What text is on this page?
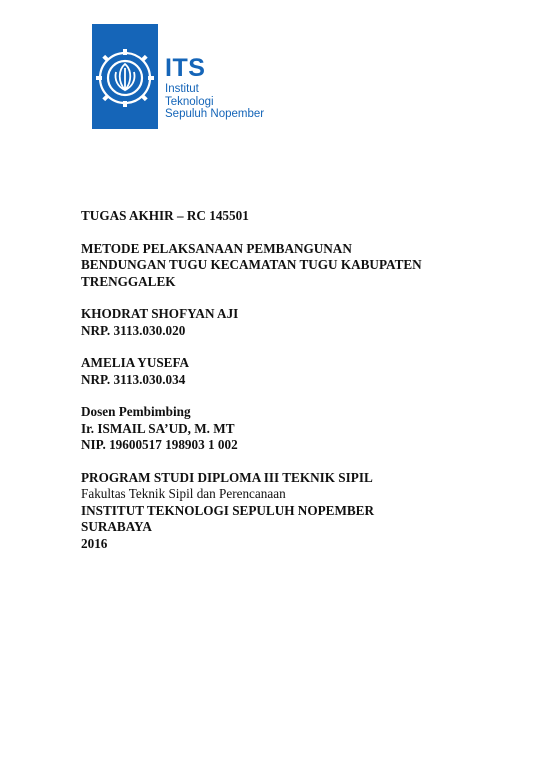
ITS
Institut
Teknologi
Sepuluh Nopember

TUGAS AKHIR – RC 145501

METODE PELAKSANAAN PEMBANGUNAN

BENDUNGAN TUGU KECAMATAN TUGU KABUPATEN

TRENGGALEK

KHODRAT SHOFYAN AJI

NRP. 3113.030.020

AMELIA YUSEFA

NRP. 3113.030.034

Dosen Pembimbing

Ir. ISMAIL SA’UD, M. MT

NIP. 19600517 198903 1 002

PROGRAM STUDI DIPLOMA III TEKNIK SIPIL

Fakultas Teknik Sipil dan Perencanaan

INSTITUT TEKNOLOGI SEPULUH NOPEMBER

SURABAYA

2016
